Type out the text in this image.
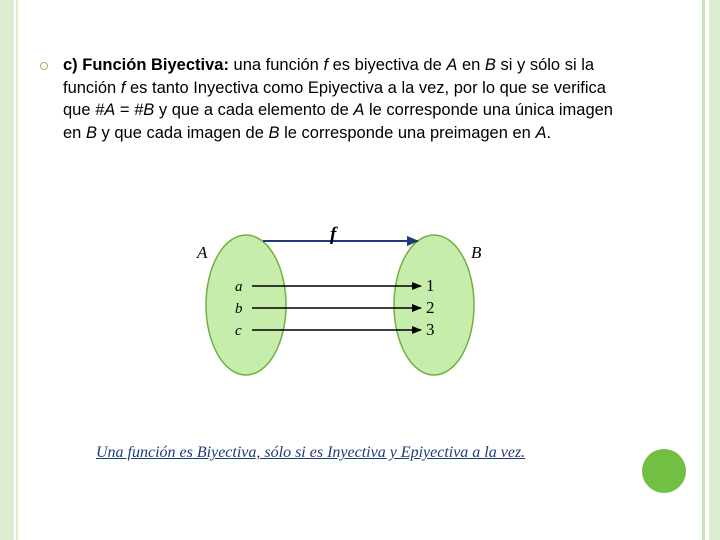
c) Función Biyectiva: una función f es biyectiva de A en B si y sólo si la función f es tanto Inyectiva como Epiyectiva a la vez, por lo que se verifica que #A = #B y que a cada elemento de A le corresponde una única imagen en B y que cada imagen de B le corresponde una preimagen en A.
A	B
f
a
b
c
1
2
3
Una función es Biyectiva, sólo si es Inyectiva y Epiyectiva a la vez.
